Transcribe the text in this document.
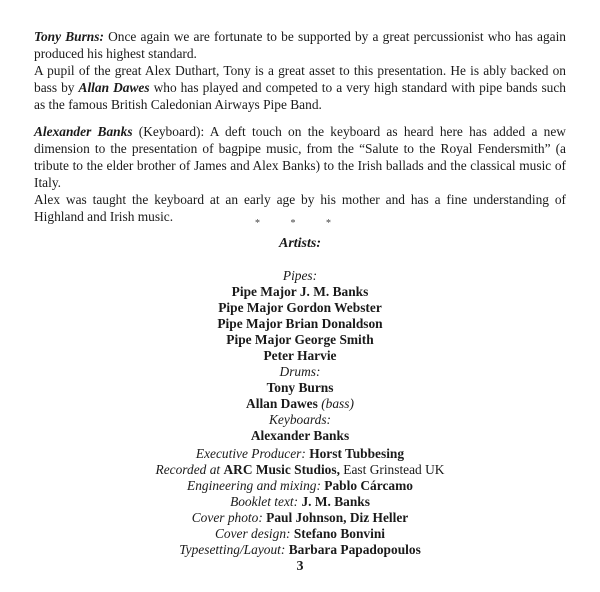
Tony Burns: Once again we are fortunate to be supported by a great percussionist who has again produced his highest standard.

A pupil of the great Alex Duthart, Tony is a great asset to this presentation. He is ably backed on bass by Allan Dawes who has played and competed to a very high standard with pipe bands such as the famous British Caledonian Airways Pipe Band.

Alexander Banks (Keyboard): A deft touch on the keyboard as heard here has added a new dimension to the presentation of bagpipe music, from the “Salute to the Royal Fendersmith” (a tribute to the elder brother of James and Alex Banks) to the Irish ballads and the classical music of Italy.

Alex was taught the keyboard at an early age by his mother and has a fine understanding of Highland and Irish music.	* * *
Artists:
Pipes:
Pipe Major J. M. Banks
Pipe Major Gordon Webster
Pipe Major Brian Donaldson
Pipe Major George Smith
Peter Harvie
Drums:
Tony Burns
Allan Dawes (bass)
Keyboards:
Alexander Banks
Executive Producer: Horst Tubbesing
Recorded at ARC Music Studios, East Grinstead UK
Engineering and mixing: Pablo Cárcamo
Booklet text: J. M. Banks
Cover photo: Paul Johnson, Diz Heller
Cover design: Stefano Bonvini
Typesetting/Layout: Barbara Papadopoulos
3
